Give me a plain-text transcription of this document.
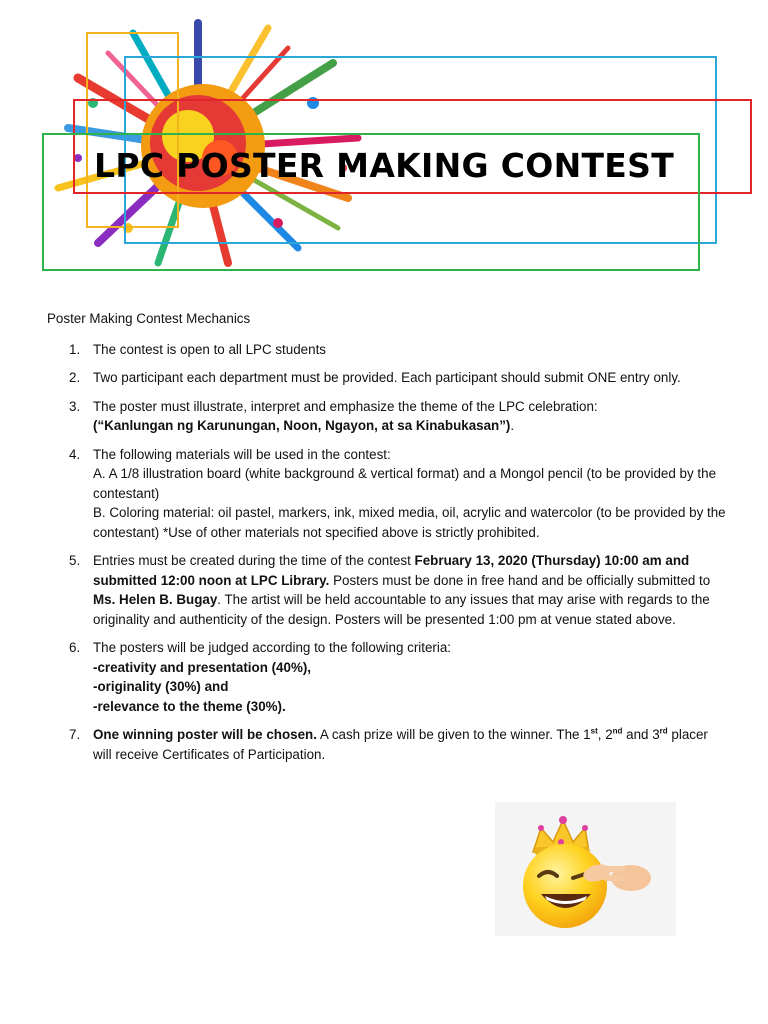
LPC POSTER MAKING CONTEST
Poster Making Contest Mechanics
1. The contest is open to all LPC students
2. Two participant each department must be provided. Each participant should submit ONE entry only.
3. The poster must illustrate, interpret and emphasize the theme of the LPC celebration:
(“Kanlungan ng Karunungan, Noon, Ngayon, at sa Kinabukasan”).
4. The following materials will be used in the contest:
A. A 1/8 illustration board (white background & vertical format) and a Mongol pencil (to be provided by the contestant)
B. Coloring material: oil pastel, markers, ink, mixed media, oil, acrylic and watercolor (to be provided by the contestant) *Use of other materials not specified above is strictly prohibited.
5. Entries must be created during the time of the contest February 13, 2020 (Thursday) 10:00 am and submitted 12:00 noon at LPC Library. Posters must be done in free hand and be officially submitted to Ms. Helen B. Bugay. The artist will be held accountable to any issues that may arise with regards to the originality and authenticity of the design. Posters will be presented 1:00 pm at venue stated above.
6. The posters will be judged according to the following criteria:
-creativity and presentation (40%),
-originality (30%) and
-relevance to the theme (30%).
7. One winning poster will be chosen. A cash prize will be given to the winner. The 1st, 2nd and 3rd placer will receive Certificates of Participation.
